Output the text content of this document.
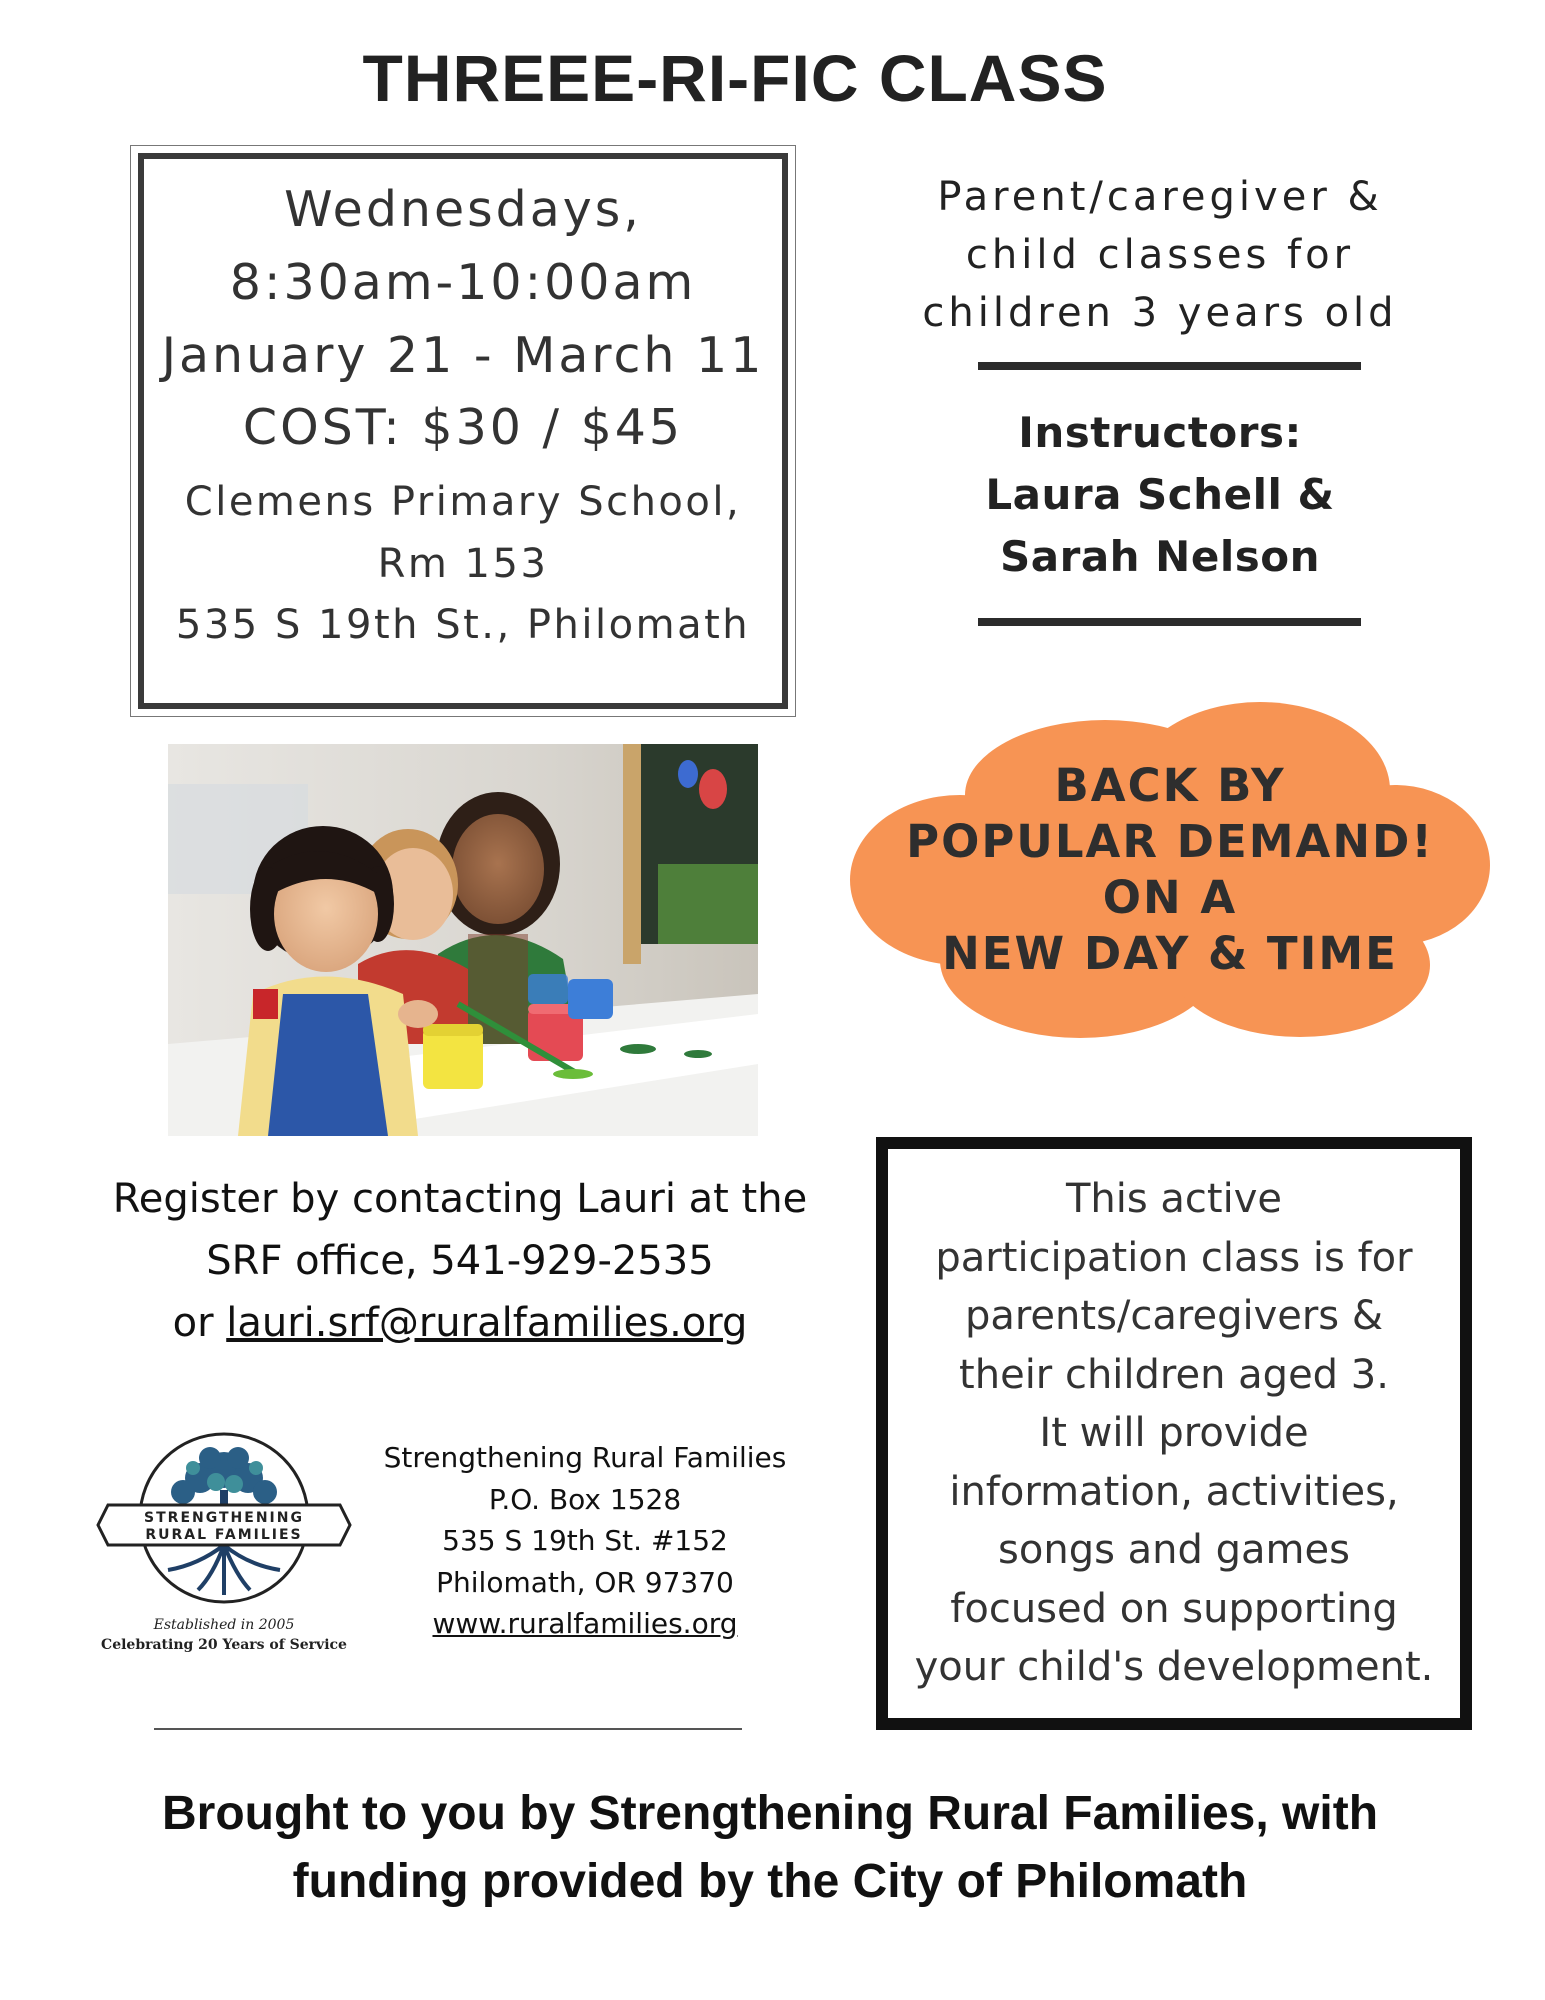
THREEE-RI-FIC CLASS
Wednesdays,
8:30am-10:00am
January 21 - March 11
COST: $30 / $45
Clemens Primary School,
Rm 153
535 S 19th St., Philomath
Parent/caregiver &
child classes for
children 3 years old
Instructors:
Laura Schell &
Sarah Nelson
BACK BY
POPULAR DEMAND!
ON A
NEW DAY & TIME
Register by contacting Lauri at the
SRF office, 541-929-2535
or lauri.srf@ruralfamilies.org
STRENGTHENING
RURAL FAMILIES
Established in 2005
Celebrating 20 Years of Service
Strengthening Rural Families
P.O. Box 1528
535 S 19th St. #152
Philomath, OR 97370
www.ruralfamilies.org
This active
participation class is for
parents/caregivers &
their children aged 3.
It will provide
information, activities,
songs and games
focused on supporting
your child's development.
Brought to you by Strengthening Rural Families, with
funding provided by the City of Philomath
